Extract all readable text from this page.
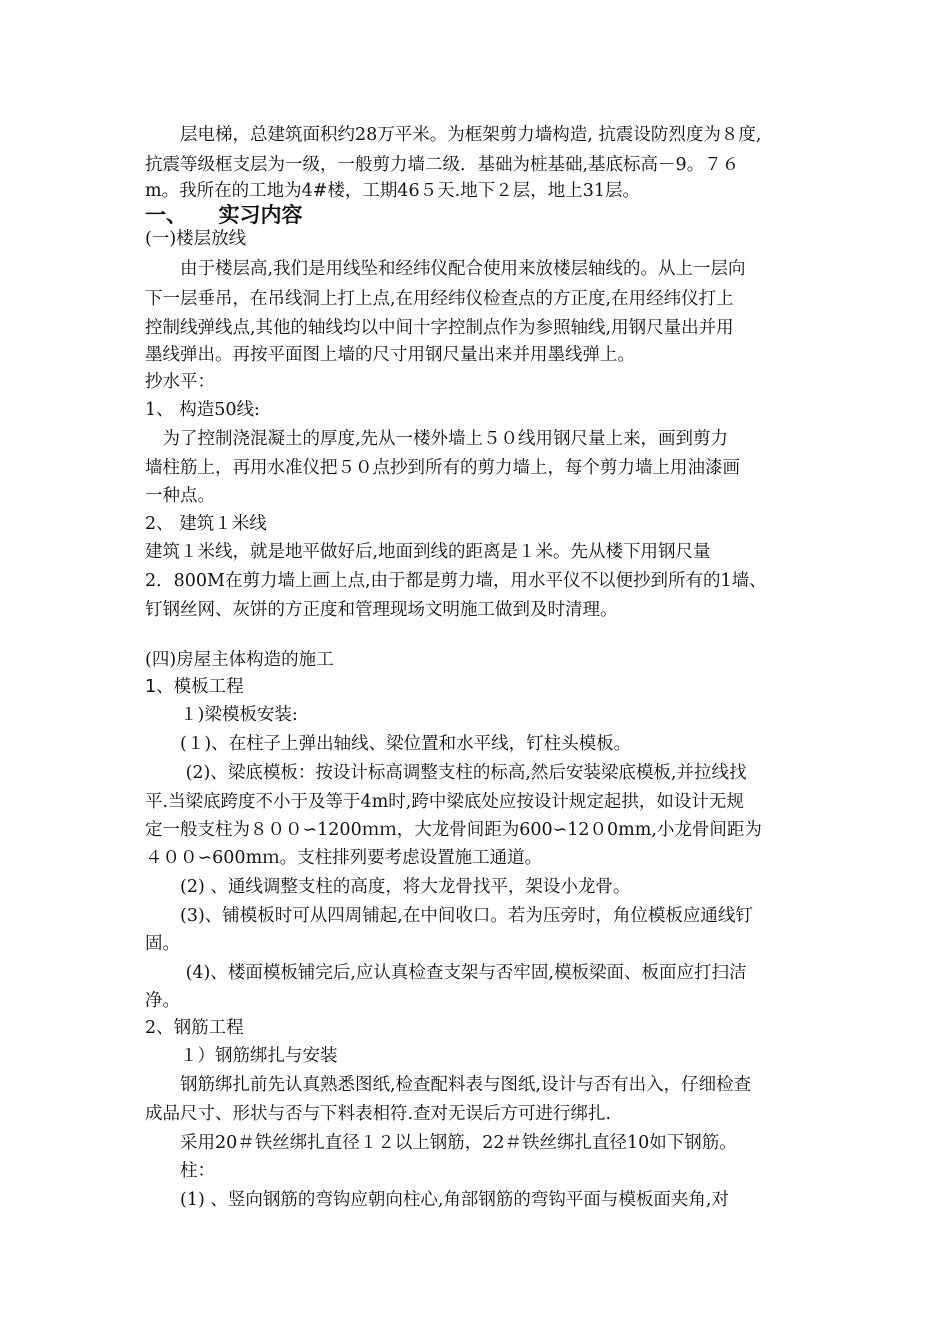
　　层电梯，总建筑面积约28万平米。为框架剪力墙构造, 抗震设防烈度为８度,
抗震等级框支层为一级，一般剪力墙二级．基础为桩基础,基底标高－9。７６
m。我所在的工地为4#楼，工期46５天.地下２层，地上31层。
一、　　实习内容
(一)楼层放线
　　由于楼层高,我们是用线坠和经纬仪配合使用来放楼层轴线的。从上一层向
下一层垂吊，在吊线洞上打上点,在用经纬仪检查点的方正度,在用经纬仪打上
控制线弹线点,其他的轴线均以中间十字控制点作为参照轴线,用钢尺量出并用
墨线弹出。再按平面图上墙的尺寸用钢尺量出来并用墨线弹上。
抄水平：
1、 构造50线:
　为了控制浇混凝土的厚度,先从一楼外墙上５０线用钢尺量上来，画到剪力
墙柱筋上，再用水准仪把５０点抄到所有的剪力墙上，每个剪力墙上用油漆画
一种点。
2、 建筑１米线
建筑１米线，就是地平做好后,地面到线的距离是１米。先从楼下用钢尺量
2．800M在剪力墙上画上点,由于都是剪力墙，用水平仪不以便抄到所有的1墙、
钉钢丝网、灰饼的方正度和管理现场文明施工做到及时清理。
(四)房屋主体构造的施工
1、模板工程
　　１)梁模板安装:
　　(１)、在柱子上弹出轴线、梁位置和水平线，钉柱头模板。
　　 (2)、梁底模板：按设计标高调整支柱的标高,然后安装梁底模板,并拉线找
平.当梁底跨度不小于及等于4m时,跨中梁底处应按设计规定起拱，如设计无规
定一般支柱为８００∽1200ｍｍ，大龙骨间距为600∽12０0mm,小龙骨间距为
４００∽600mｍ。支柱排列要考虑设置施工通道。
　　(2) 、通线调整支柱的高度，将大龙骨找平，架设小龙骨。
　　(3)、铺模板时可从四周铺起,在中间收口。若为压旁时，角位模板应通线钉
固。
　　 (4)、楼面模板铺完后,应认真检查支架与否牢固,模板梁面、板面应打扫洁
净。
2、钢筋工程
　　１）钢筋绑扎与安装
　　钢筋绑扎前先认真熟悉图纸,检查配料表与图纸,设计与否有出入，仔细检查
成品尺寸、形状与否与下料表相符.查对无误后方可进行绑扎.
　　采用20＃铁丝绑扎直径１２以上钢筋，22＃铁丝绑扎直径10如下钢筋。
　　柱：
　　(1) 、竖向钢筋的弯钩应朝向柱心,角部钢筋的弯钩平面与模板面夹角,对
